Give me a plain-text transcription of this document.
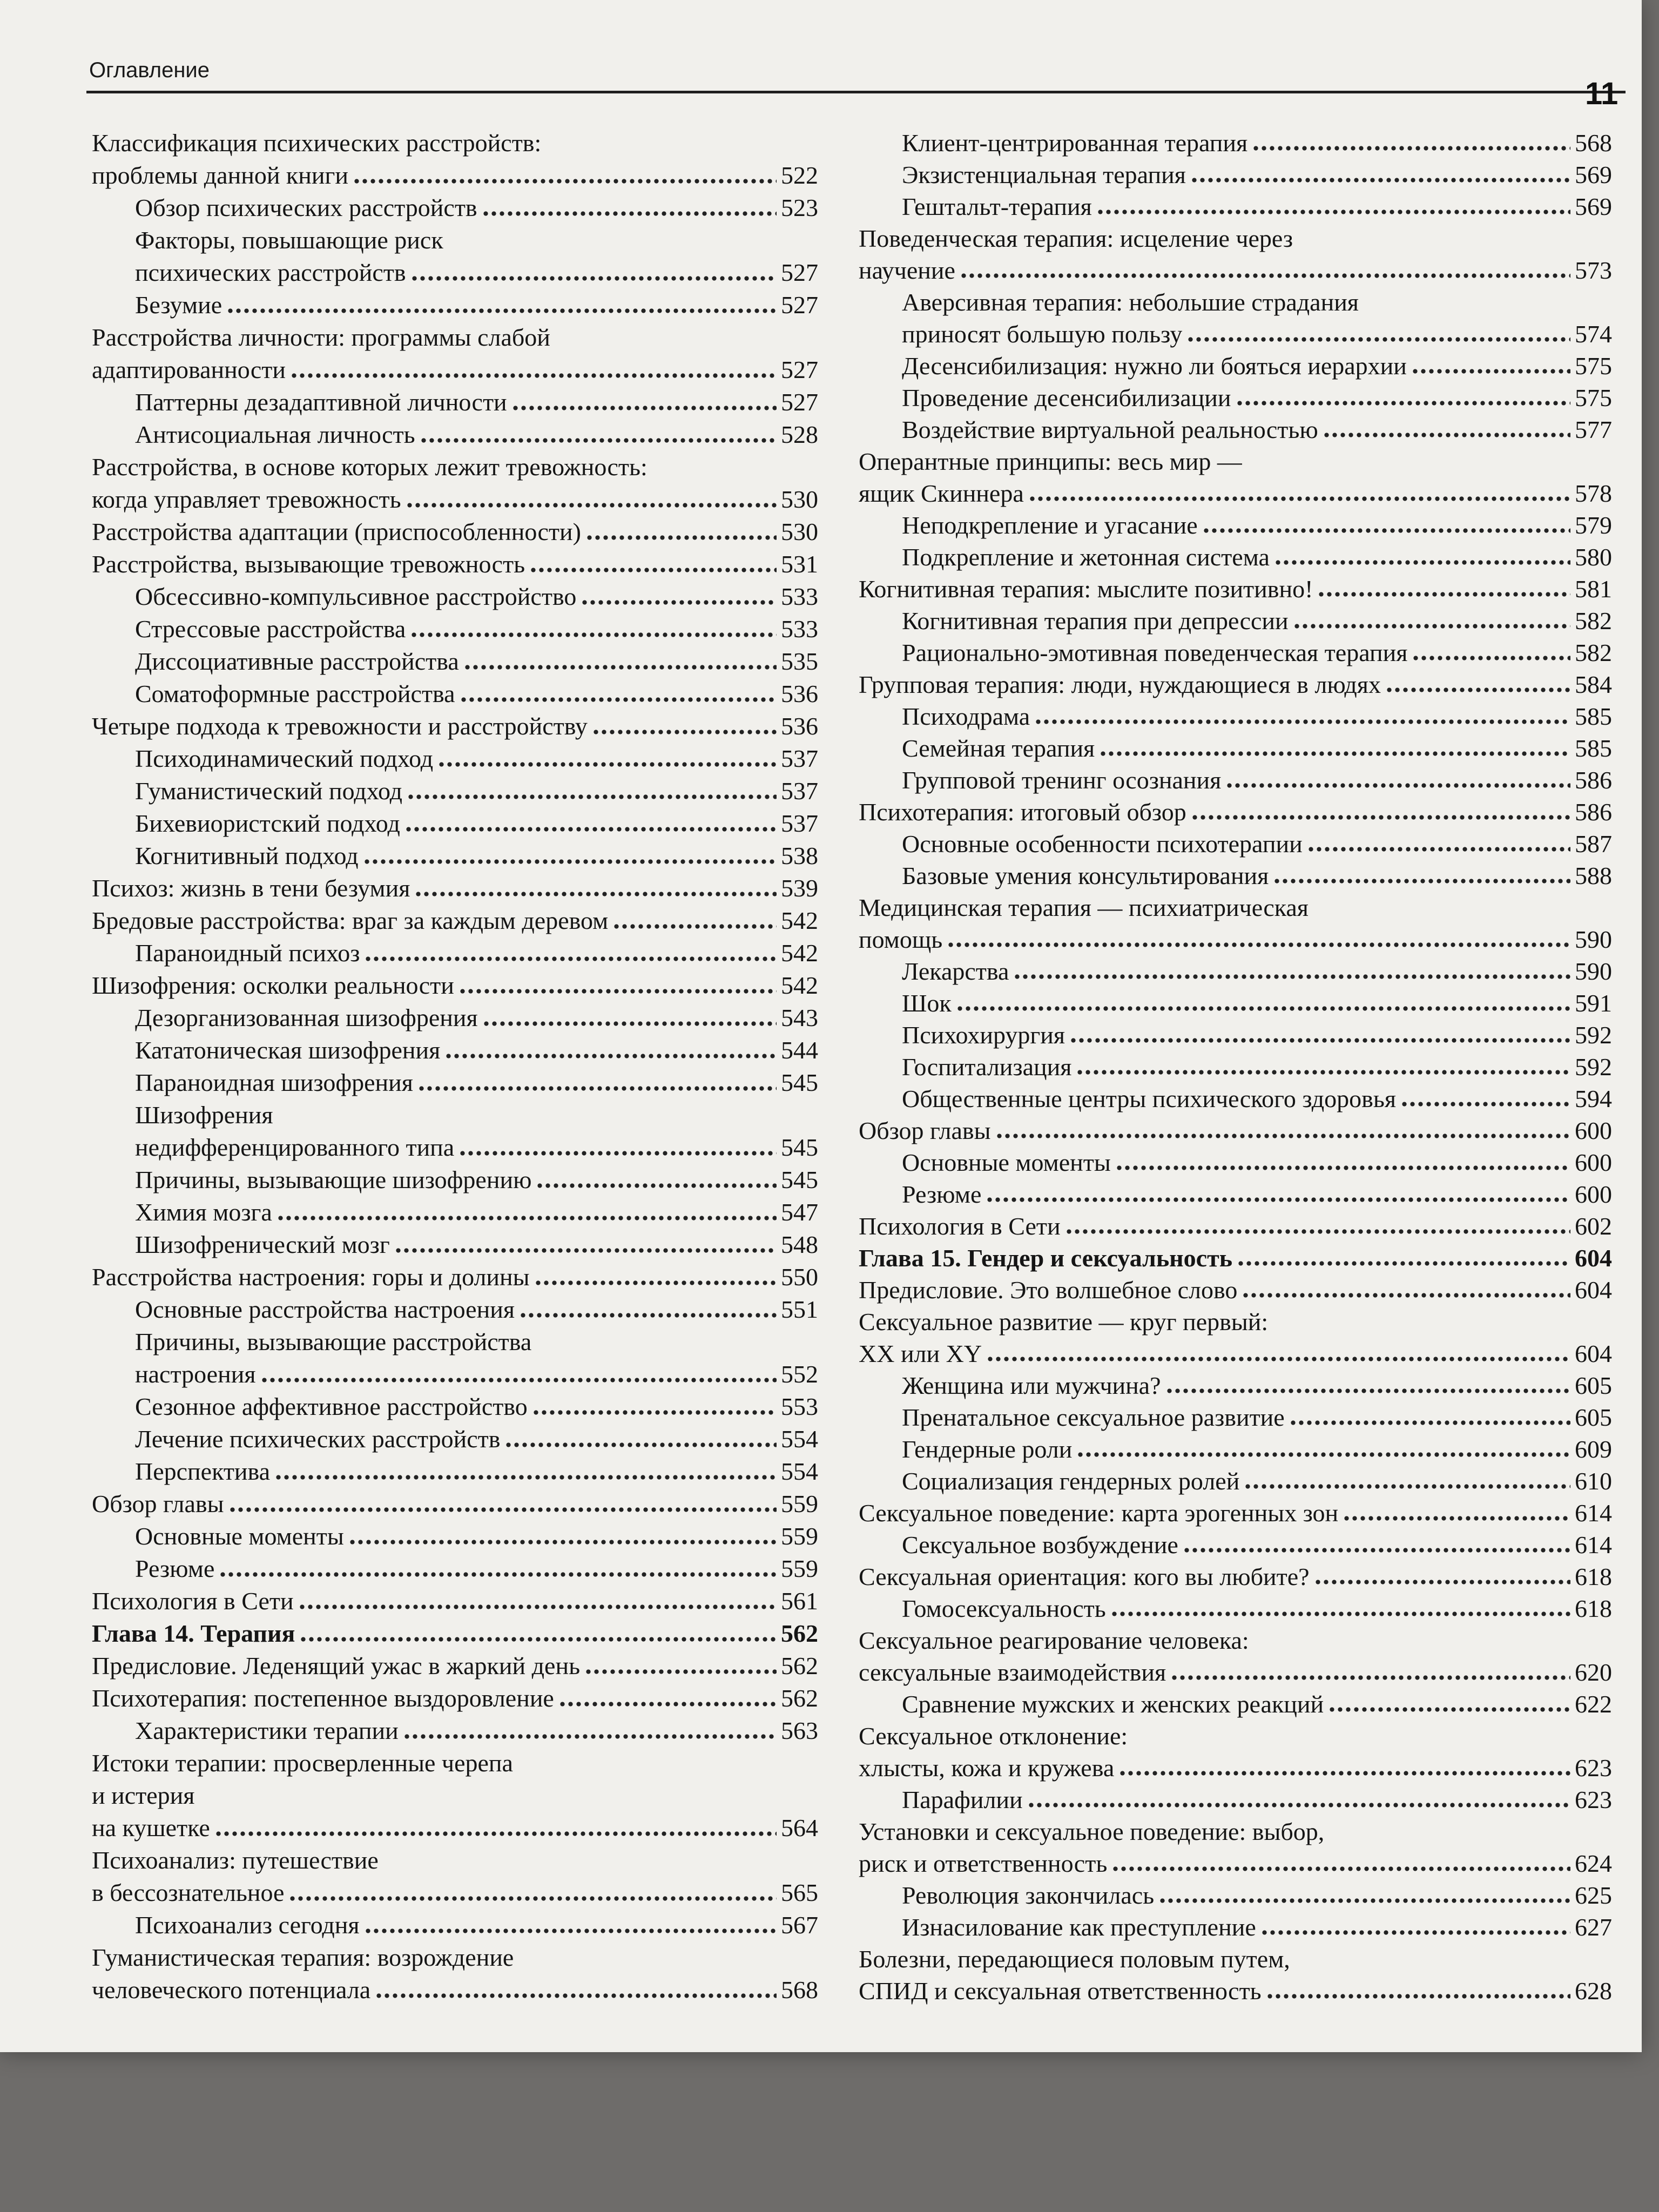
Оглавление
11
Классификация психических расстройств:
проблемы данной книги	522
Обзор психических расстройств	523
Факторы, повышающие риск
психических расстройств	527
Безумие	527
Расстройства личности: программы слабой
адаптированности	527
Паттерны дезадаптивной личности	527
Антисоциальная личность	528
Расстройства, в основе которых лежит тревожность:
когда управляет тревожность	530
Расстройства адаптации (приспособленности)	530
Расстройства, вызывающие тревожность	531
Обсессивно-компульсивное расстройство	533
Стрессовые расстройства	533
Диссоциативные расстройства	535
Соматоформные расстройства	536
Четыре подхода к тревожности и расстройству	536
Психодинамический подход	537
Гуманистический подход	537
Бихевиористский подход	537
Когнитивный подход	538
Психоз: жизнь в тени безумия	539
Бредовые расстройства: враг за каждым деревом	542
Параноидный психоз	542
Шизофрения: осколки реальности	542
Дезорганизованная шизофрения	543
Кататоническая шизофрения	544
Параноидная шизофрения	545
Шизофрения
недифференцированного типа	545
Причины, вызывающие шизофрению	545
Химия мозга	547
Шизофренический мозг	548
Расстройства настроения: горы и долины	550
Основные расстройства настроения	551
Причины, вызывающие расстройства
настроения	552
Сезонное аффективное расстройство	553
Лечение психических расстройств	554
Перспектива	554
Обзор главы	559
Основные моменты	559
Резюме	559
Психология в Сети	561
Глава 14. Терапия	562
Предисловие. Леденящий ужас в жаркий день	562
Психотерапия: постепенное выздоровление	562
Характеристики терапии	563
Истоки терапии: просверленные черепа
и истерия
на кушетке	564
Психоанализ: путешествие
в бессознательное	565
Психоанализ сегодня	567
Гуманистическая терапия: возрождение
человеческого потенциала	568
Клиент-центрированная терапия	568
Экзистенциальная терапия	569
Гештальт-терапия	569
Поведенческая терапия: исцеление через
научение	573
Аверсивная терапия: небольшие страдания
приносят большую пользу	574
Десенсибилизация: нужно ли бояться иерархии	575
Проведение десенсибилизации	575
Воздействие виртуальной реальностью	577
Оперантные принципы: весь мир —
ящик Скиннера	578
Неподкрепление и угасание	579
Подкрепление и жетонная система	580
Когнитивная терапия: мыслите позитивно!	581
Когнитивная терапия при депрессии	582
Рационально-эмотивная поведенческая терапия	582
Групповая терапия: люди, нуждающиеся в людях	584
Психодрама	585
Семейная терапия	585
Групповой тренинг осознания	586
Психотерапия: итоговый обзор	586
Основные особенности психотерапии	587
Базовые умения консультирования	588
Медицинская терапия — психиатрическая
помощь	590
Лекарства	590
Шок	591
Психохирургия	592
Госпитализация	592
Общественные центры психического здоровья	594
Обзор главы	600
Основные моменты	600
Резюме	600
Психология в Сети	602
Глава 15. Гендер и сексуальность	604
Предисловие. Это волшебное слово	604
Сексуальное развитие — круг первый:
XX или XY	604
Женщина или мужчина?	605
Пренатальное сексуальное развитие	605
Гендерные роли	609
Социализация гендерных ролей	610
Сексуальное поведение: карта эрогенных зон	614
Сексуальное возбуждение	614
Сексуальная ориентация: кого вы любите?	618
Гомосексуальность	618
Сексуальное реагирование человека:
сексуальные взаимодействия	620
Сравнение мужских и женских реакций	622
Сексуальное отклонение:
хлысты, кожа и кружева	623
Парафилии	623
Установки и сексуальное поведение: выбор,
риск и ответственность	624
Революция закончилась	625
Изнасилование как преступление	627
Болезни, передающиеся половым путем,
СПИД и сексуальная ответственность	628
